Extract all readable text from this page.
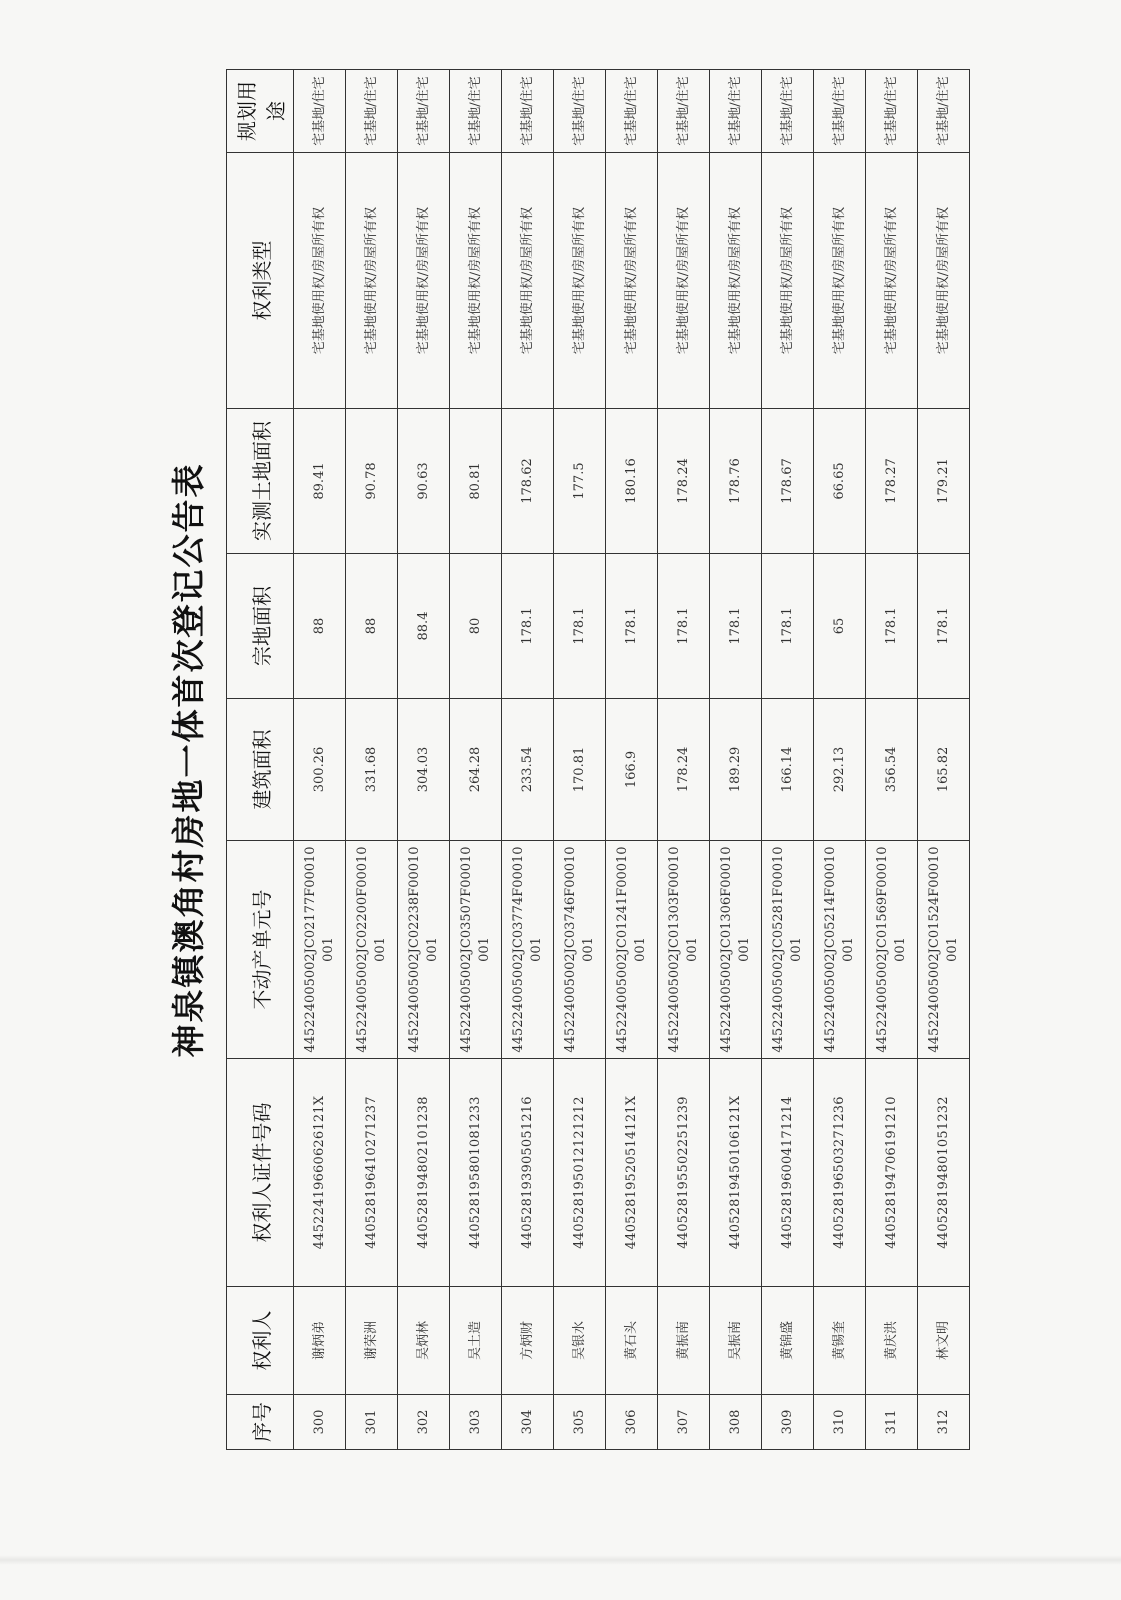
神泉镇澳角村房地一体首次登记公告表
序号	权利人	权利人证件号码	不动产单元号	建筑面积	宗地面积	实测土地面积	权利类型	规划用途
300	谢炳弟	44522419660626121X	445224005002JC02177F00010001	300.26	88	89.41	宅基地使用权/房屋所有权	宅基地/住宅
301	谢荣洲	440528196410271237	445224005002JC02200F00010001	331.68	88	90.78	宅基地使用权/房屋所有权	宅基地/住宅
302	吴炳林	440528194802101238	445224005002JC02238F00010001	304.03	88.4	90.63	宅基地使用权/房屋所有权	宅基地/住宅
303	吴土造	440528195801081233	445224005002JC03507F00010001	264.28	80	80.81	宅基地使用权/房屋所有权	宅基地/住宅
304	方炳财	440528193905051216	445224005002JC03774F00010001	233.54	178.1	178.62	宅基地使用权/房屋所有权	宅基地/住宅
305	吴银水	440528195012121212	445224005002JC03746F00010001	170.81	178.1	177.5	宅基地使用权/房屋所有权	宅基地/住宅
306	黄石头	44052819520514121X	445224005002JC01241F00010001	166.9	178.1	180.16	宅基地使用权/房屋所有权	宅基地/住宅
307	黄振南	440528195502251239	445224005002JC01303F00010001	178.24	178.1	178.24	宅基地使用权/房屋所有权	宅基地/住宅
308	吴振南	44052819450106121X	445224005002JC01306F00010001	189.29	178.1	178.76	宅基地使用权/房屋所有权	宅基地/住宅
309	黄锦盛	440528196004171214	445224005002JC05281F00010001	166.14	178.1	178.67	宅基地使用权/房屋所有权	宅基地/住宅
310	黄锡奎	440528196503271236	445224005002JC05214F00010001	292.13	65	66.65	宅基地使用权/房屋所有权	宅基地/住宅
311	黄庆洪	440528194706191210	445224005002JC01569F00010001	356.54	178.1	178.27	宅基地使用权/房屋所有权	宅基地/住宅
312	林文明	440528194801051232	445224005002JC01524F00010001	165.82	178.1	179.21	宅基地使用权/房屋所有权	宅基地/住宅
